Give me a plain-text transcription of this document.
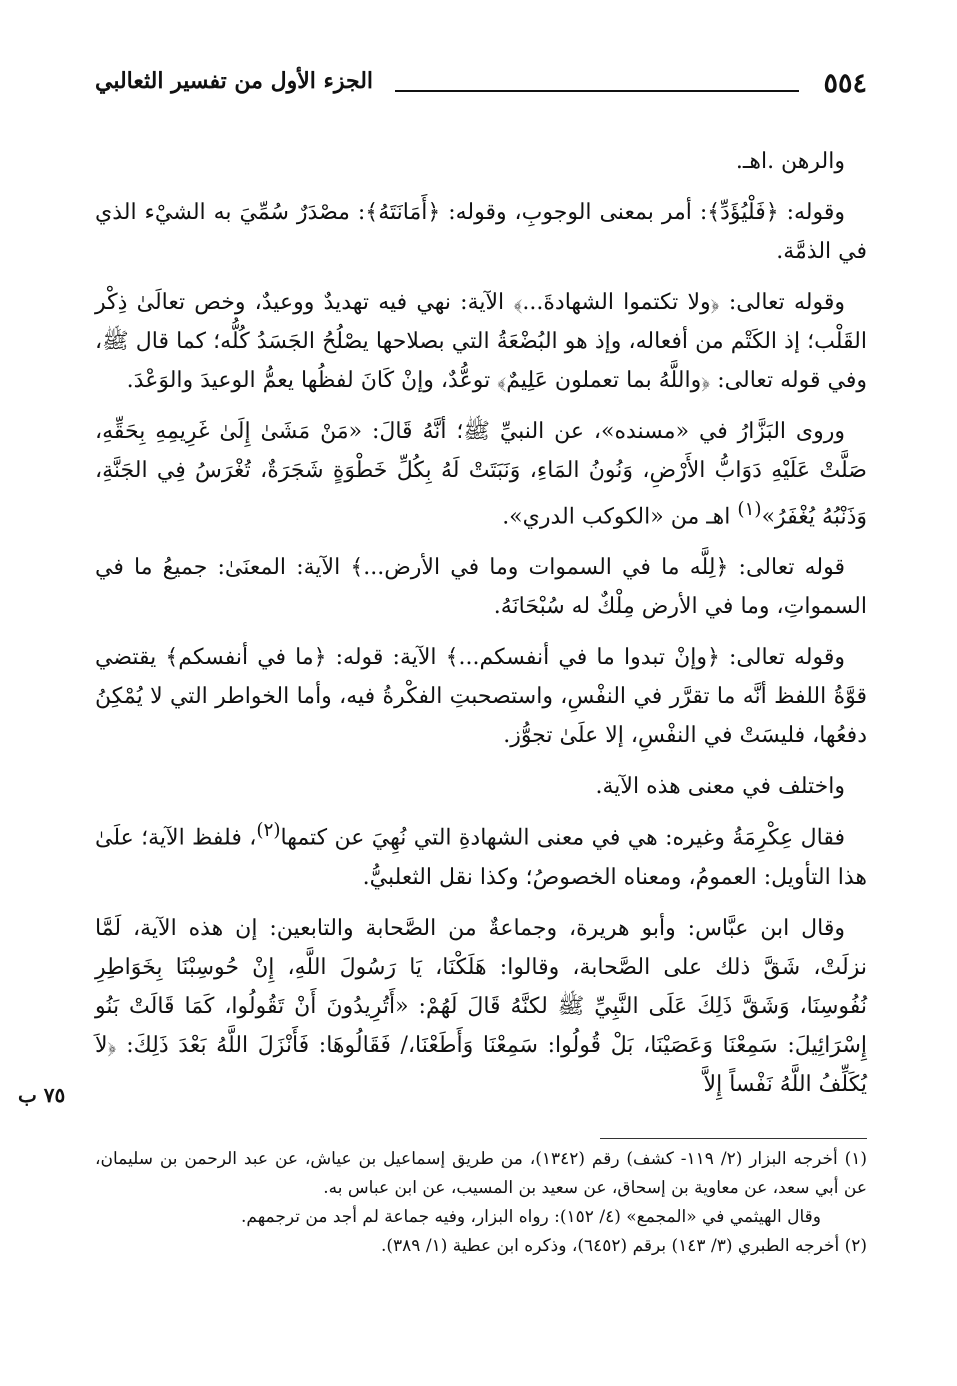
٥٥٤
الجزء الأول من تفسير الثعالبي

والرهن .اهـ.

وقوله: ﴿فَلْيُؤَدِّ﴾: أمر بمعنى الوجوبِ، وقوله: ﴿أَمَانَتَهُ﴾: مصْدَرٌ سُمِّيَ به الشيْء الذي في الذمَّة.

وقوله تعالى: ﴿ولا تكتموا الشهادةَ...﴾ الآية: نهي فيه تهديدٌ ووعيدٌ، وخص تعالَىٰ ذِكْر القَلْب؛ إذ الكَتْم من أفعاله، وإذ هو البُضْعَةُ التي بصلاحها يصْلُحُ الجَسَدُ كُلُّه؛ كما قال ﷺ، وفي قوله تعالى: ﴿واللَّهُ بما تعملون عَلِيمٌ﴾ توعُّدٌ، وإنْ كَانَ لفظُها يعمُّ الوعيدَ والوَعْدَ.

وروى البَزَّارُ في «مسنده»، عن النبيِّ ﷺ؛ أنَّهُ قَالَ: «مَنْ مَشَىٰ إِلَىٰ غَرِيمِهِ بِحَقِّهِ، صَلَّتْ عَلَيْهِ دَوَابُّ الأَرْضِ، وَنُونُ المَاءِ، وَنَبَتَتْ لَهُ بِكُلِّ خَطْوَةٍ شَجَرَةٌ، تُغْرَسُ فِي الجَنَّةِ، وَذَنْبُهُ يُغْفَرُ»$^{(١)}$ اهـ من «الكوكب الدري».

قوله تعالى: ﴿لِلَّه ما في السموات وما في الأرض...﴾ الآية: المعنَىٰ: جميعُ ما في السمواتِ، وما في الأرض مِلْكٌ له سُبْحَانَهُ.

وقوله تعالى: ﴿وإنْ تبدوا ما في أنفسكم...﴾ الآية: قوله: ﴿ما في أنفسكم﴾ يقتضي قوَّةُ اللفظ أنَّه ما تقرَّر في النفْسِ، واستصحبتِ الفكْرةُ فيه، وأما الخواطر التي لا يُمْكِنُ دفعُها، فليسَتْ في النفْسِ، إلا علَىٰ تجوُّز.

واختلف في معنى هذه الآية.

فقال عِكْرِمَةُ وغيره: هي في معنى الشهادةِ التي نُهِيَ عن كتمها$^{(٢)}$، فلفظ الآية؛ علَىٰ هذا التأويل: العمومُ، ومعناه الخصوصُ؛ وكذا نقل الثعلبيُّ.

وقال ابن عبَّاس: وأبو هريرة، وجماعةٌ من الصَّحابة والتابعين: إن هذه الآية، لَمَّا نزلَتْ، شَقَّ ذلك على الصَّحابة، وقالوا: هَلَكْنَا، يَا رَسُولَ اللَّهِ، إِنْ حُوسِبْنَا بِخَوَاطِرِ نُفُوسِنَا، وَشَقَّ ذَلِكَ عَلَى النَّبِيِّ ﷺ لكنَّهُ قَالَ لَهُمْ: «أَتُرِيدُونَ أَنْ تَقُولُوا، كَمَا قَالَتْ بَنُو إِسْرَائِيلَ: سَمِعْنَا وَعَصَيْنَا، بَلْ قُولُوا: سَمِعْنَا وَأَطَعْنَا،/ فَقَالُوهَا: فَأَنْزَلَ اللَّهُ بَعْدَ ذَلِكَ: ﴿لاَ يُكَلِّفُ اللَّهُ نَفْساً إِلاَّ

٧٥ ب

(١) أخرجه البزار (٢/ ١١٩- كشف) رقم (١٣٤٢)، من طريق إسماعيل بن عياش، عن عبد الرحمن بن سليمان، عن أبي سعد، عن معاوية بن إسحاق، عن سعيد بن المسيب، عن ابن عباس به.

وقال الهيثمي في «المجمع» (٤/ ١٥٢): رواه البزار، وفيه جماعة لم أجد من ترجمهم.

(٢) أخرجه الطبري (٣/ ١٤٣) برقم (٦٤٥٢)، وذكره ابن عطية (١/ ٣٨٩).
